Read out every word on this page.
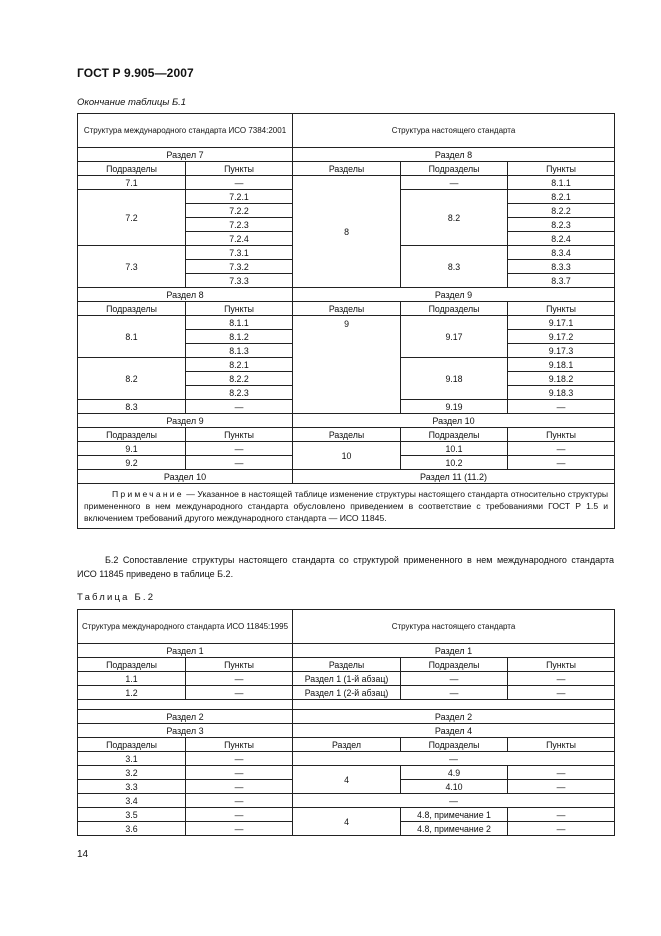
ГОСТ Р 9.905—2007
Окончание таблицы Б.1
Структура международного стандарта ИСО 7384:2001		Структура настоящего стандарта		
Раздел 7		Раздел 8		
Подразделы	Пункты	Разделы	Подразделы	Пункты
7.1	—	8	—	8.1.1
7.2	7.2.1		8.2	8.2.1
	7.2.2			8.2.2
	7.2.3			8.2.3
	7.2.4			8.2.4
7.3	7.3.1		8.3	8.3.4
	7.3.2			8.3.3
	7.3.3			8.3.7
Раздел 8		Раздел 9		
Подразделы	Пункты	Разделы	Подразделы	Пункты
8.1	8.1.1	9	9.17	9.17.1
	8.1.2			9.17.2
	8.1.3			9.17.3
8.2	8.2.1		9.18	9.18.1
	8.2.2			9.18.2
	8.2.3			9.18.3
8.3	—		9.19	—
Раздел 9		Раздел 10		
Подразделы	Пункты	Разделы	Подразделы	Пункты
9.1	—	10	10.1	—
9.2	—		10.2	—
Раздел 10		Раздел 11 (11.2)		
Примечание — Указанное в настоящей таблице изменение структуры настоящего стандарта относительно структуры примененного в нем международного стандарта обусловлено приведением в соответствие с требованиями ГОСТ Р 1.5 и включением требований другого международного стандарта — ИСО 11845.				
Б.2 Сопоставление структуры настоящего стандарта со структурой примененного в нем международного стандарта ИСО 11845 приведено в таблице Б.2.
Таблица Б.2
Структура международного стандарта ИСО 11845:1995		Структура настоящего стандарта		
Раздел 1		Раздел 1		
Подразделы	Пункты	Разделы	Подразделы	Пункты
1.1	—	Раздел 1 (1-й абзац)	—	—
1.2	—	Раздел 1 (2-й абзац)	—	—

Раздел 2		Раздел 2		
Раздел 3		Раздел 4		
Подразделы	Пункты	Раздел	Подразделы	Пункты
3.1	—	—		
3.2	—	4	4.9	—
3.3	—		4.10	—
3.4	—	—		
3.5	—	4	4.8, примечание 1	—
3.6	—		4.8, примечание 2	—
14
